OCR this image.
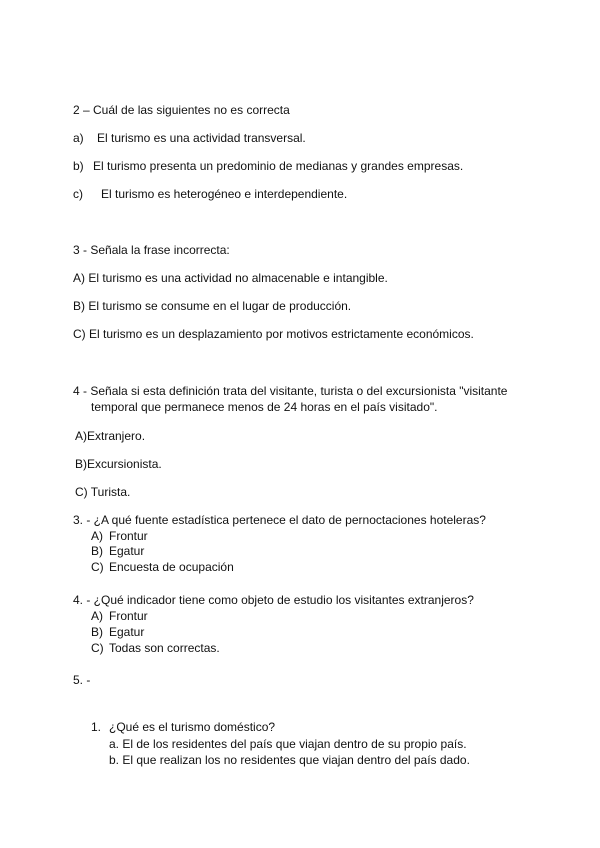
2 – Cuál de las siguientes no es correcta
a) El turismo es una actividad transversal.
b) El turismo presenta un predominio de medianas y grandes empresas.
c) El turismo es heterogéneo e interdependiente.
3 - Señala la frase incorrecta:
A) El turismo es una actividad no almacenable e intangible.
B) El turismo se consume en el lugar de producción.
C) El turismo es un desplazamiento por motivos estrictamente económicos.
4 - Señala si esta definición trata del visitante, turista o del excursionista "visitante
temporal que permanece menos de 24 horas en el país visitado".
A)Extranjero.
B)Excursionista.
C) Turista.
3. - ¿A qué fuente estadística pertenece el dato de pernoctaciones hoteleras?
A) Frontur
B) Egatur
C) Encuesta de ocupación
4. - ¿Qué indicador tiene como objeto de estudio los visitantes extranjeros?
A) Frontur
B) Egatur
C) Todas son correctas.
5. -
1. ¿Qué es el turismo doméstico?
a. El de los residentes del país que viajan dentro de su propio país.
b. El que realizan los no residentes que viajan dentro del país dado.
